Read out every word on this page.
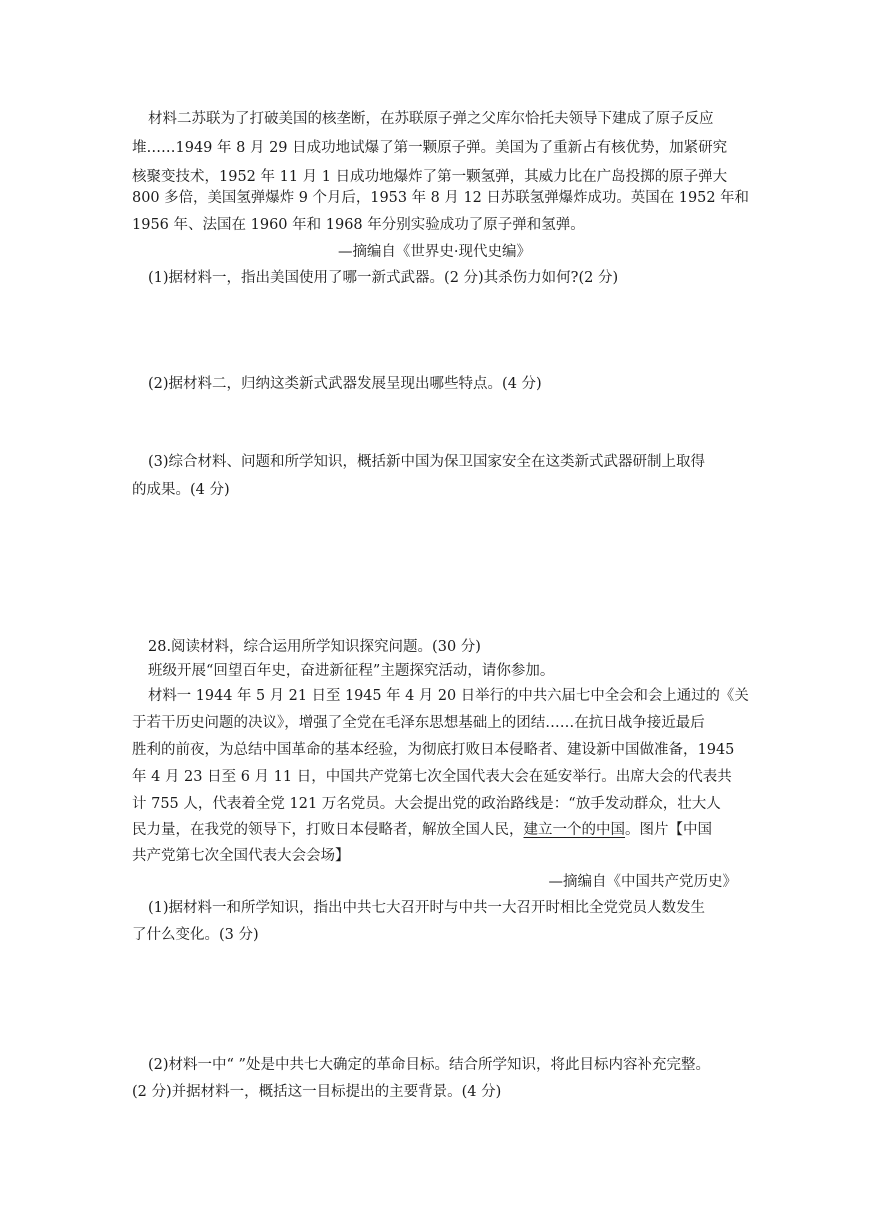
材料二苏联为了打破美国的核垄断，在苏联原子弹之父库尔恰托夫领导下建成了原子反应
堆……1949 年 8 月 29 日成功地试爆了第一颗原子弹。美国为了重新占有核优势，加紧研究
核聚变技术，1952 年 11 月 1 日成功地爆炸了第一颗氢弹，其威力比在广岛投掷的原子弹大
800 多倍，美国氢弹爆炸 9 个月后，1953 年 8 月 12 日苏联氢弹爆炸成功。英国在 1952 年和
1956 年、法国在 1960 年和 1968 年分别实验成功了原子弹和氢弹。
—摘编自《世界史·现代史编》
(1)据材料一，指出美国使用了哪一新式武器。(2 分)其杀伤力如何?(2 分)
(2)据材料二，归纳这类新式武器发展呈现出哪些特点。(4 分)
(3)综合材料、问题和所学知识，概括新中国为保卫国家安全在这类新式武器研制上取得
的成果。(4 分)
28.阅读材料，综合运用所学知识探究问题。(30 分)
班级开展“回望百年史，奋进新征程”主题探究活动，请你参加。
材料一 1944 年 5 月 21 日至 1945 年 4 月 20 日举行的中共六届七中全会和会上通过的《关
于若干历史问题的决议》，增强了全党在毛泽东思想基础上的团结……在抗日战争接近最后
胜利的前夜，为总结中国革命的基本经验，为彻底打败日本侵略者、建设新中国做准备，1945
年 4 月 23 日至 6 月 11 日，中国共产党第七次全国代表大会在延安举行。出席大会的代表共
计 755 人，代表着全党 121 万名党员。大会提出党的政治路线是：“放手发动群众，壮大人
民力量，在我党的领导下，打败日本侵略者，解放全国人民，建立一个的中国。图片【中国
共产党第七次全国代表大会会场】
—摘编自《中国共产党历史》
(1)据材料一和所学知识，指出中共七大召开时与中共一大召开时相比全党党员人数发生
了什么变化。(3 分)
(2)材料一中“ ”处是中共七大确定的革命目标。结合所学知识，将此目标内容补充完整。
(2 分)并据材料一，概括这一目标提出的主要背景。(4 分)
